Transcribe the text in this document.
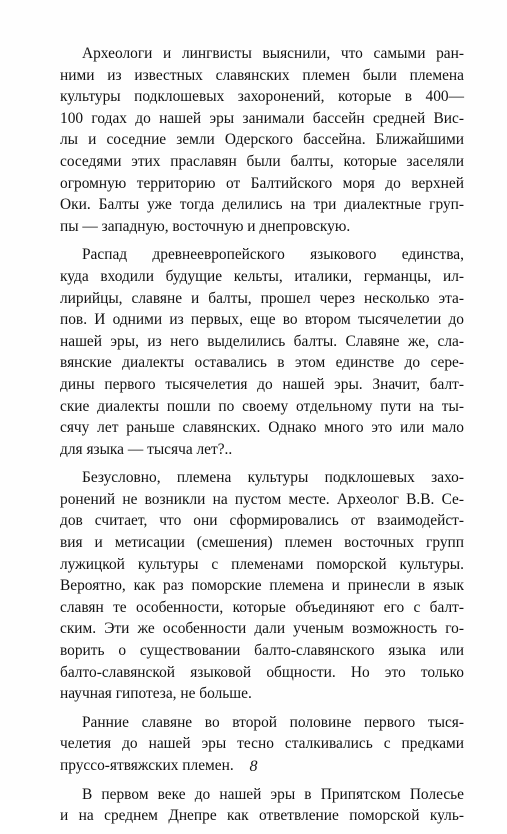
Археологи и лингвисты выяснили, что самыми ран-
ними из известных славянских племен были племена
культуры подклошевых захоронений, которые в 400—
100 годах до нашей эры занимали бассейн средней Вис-
лы и соседние земли Одерского бассейна. Ближайшими
соседями этих праславян были балты, которые заселяли
огромную территорию от Балтийского моря до верхней
Оки. Балты уже тогда делились на три диалектные груп-
пы — западную, восточную и днепровскую.
Распад древнеевропейского языкового единства,
куда входили будущие кельты, италики, германцы, ил-
лирийцы, славяне и балты, прошел через несколько эта-
пов. И одними из первых, еще во втором тысячелетии до
нашей эры, из него выделились балты. Славяне же, сла-
вянские диалекты оставались в этом единстве до сере-
дины первого тысячелетия до нашей эры. Значит, балт-
ские диалекты пошли по своему отдельному пути на ты-
сячу лет раньше славянских. Однако много это или мало
для языка — тысяча лет?..
Безусловно, племена культуры подклошевых захо-
ронений не возникли на пустом месте. Археолог В.В. Се-
дов считает, что они сформировались от взаимодейст-
вия и метисации (смешения) племен восточных групп
лужицкой культуры с племенами поморской культуры.
Вероятно, как раз поморские племена и принесли в язык
славян те особенности, которые объединяют его с балт-
ским. Эти же особенности дали ученым возможность го-
ворить о существовании балто-славянского языка или
балто-славянской языковой общности. Но это только
научная гипотеза, не больше.
Ранние славяне во второй половине первого тыся-
челетия до нашей эры тесно сталкивались с предками
пруссо-ятвяжских племен.
В первом веке до нашей эры в Припятском Полесье
и на среднем Днепре как ответвление поморской куль-
8
